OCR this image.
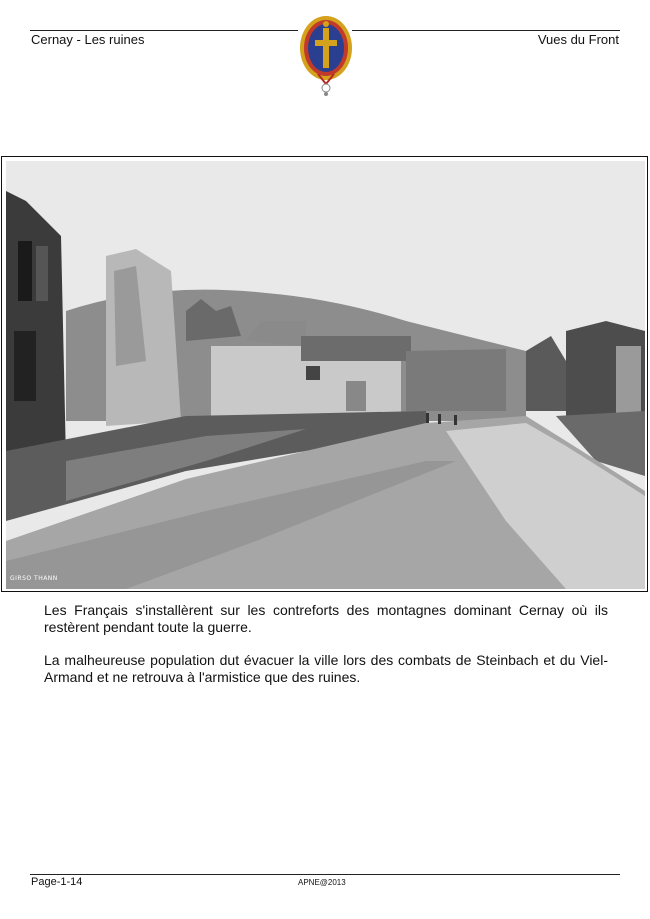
Cernay - Les ruines	Vues du Front
GIRSO THANN
Les Français s'installèrent sur les contreforts des montagnes dominant Cernay où ils restèrent pendant toute la guerre.
La malheureuse population dut évacuer la ville lors des combats de Steinbach et du Viel-Armand et ne retrouva à l'armistice que des ruines.
Page-1-14	APNE@2013
